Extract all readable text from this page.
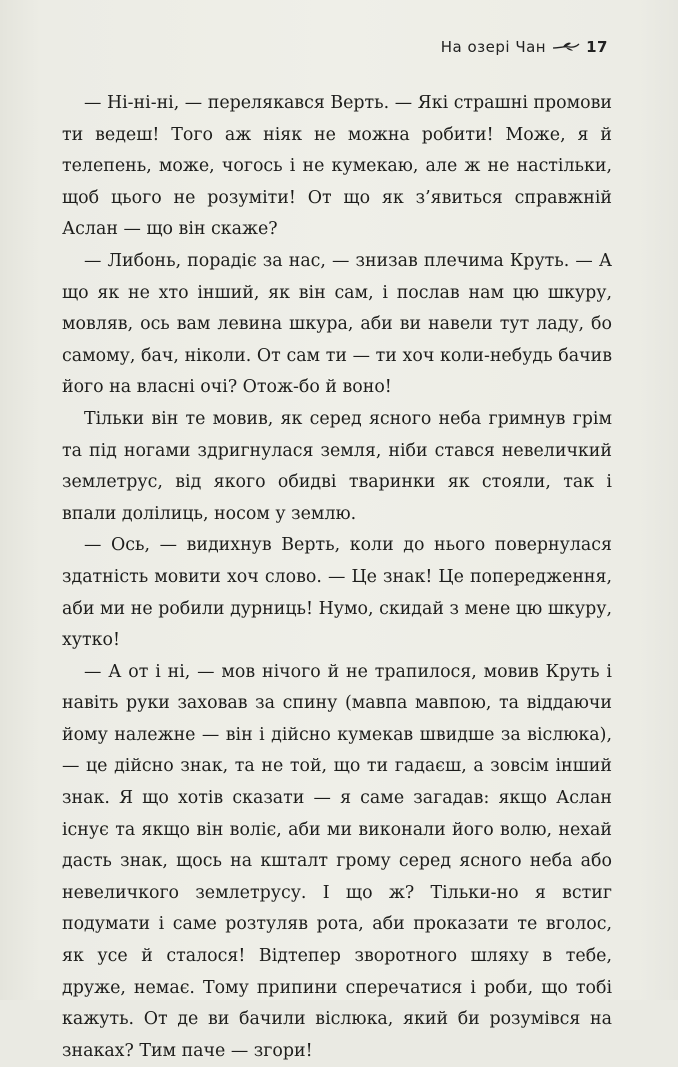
На озері Чан	17

— Ні-ні-ні, — перелякався Верть. — Які страшні промови ти ведеш! Того аж ніяк не можна робити! Може, я й телепень, може, чогось і не кумекаю, але ж не настільки, щоб цього не розуміти! От що як з’явиться справжній Аслан — що він скаже?

— Либонь, порадіє за нас, — знизав плечима Круть. — А що як не хто інший, як він сам, і послав нам цю шкуру, мовляв, ось вам левина шкура, аби ви навели тут ладу, бо самому, бач, ніколи. От сам ти — ти хоч коли-небудь бачив його на власні очі? Отож-бо й воно!

Тільки він те мовив, як серед ясного неба гримнув грім та під ногами здригнулася земля, ніби стався невеличкий землетрус, від якого обидві тваринки як стояли, так і впали долілиць, носом у землю.

— Ось, — видихнув Верть, коли до нього повернулася здатність мовити хоч слово. — Це знак! Це попередження, аби ми не робили дурниць! Нумо, скидай з мене цю шкуру, хутко!

— А от і ні, — мов нічого й не трапилося, мовив Круть і навіть руки заховав за спину (мавпа мавпою, та віддаючи йому належне — він і дійсно кумекав швидше за віслюка), — це дійсно знак, та не той, що ти гадаєш, а зовсім інший знак. Я що хотів сказати — я саме загадав: якщо Аслан існує та якщо він воліє, аби ми виконали його волю, нехай дасть знак, щось на кшталт грому серед ясного неба або невеличкого землетрусу. І що ж? Тільки-но я встиг подумати і саме розтуляв рота, аби проказати те вголос, як усе й сталося! Відтепер зворотного шляху в тебе, друже, немає. Тому припини сперечатися і роби, що тобі кажуть. От де ви бачили віслюка, який би розумівся на знаках? Тим паче — згори!
